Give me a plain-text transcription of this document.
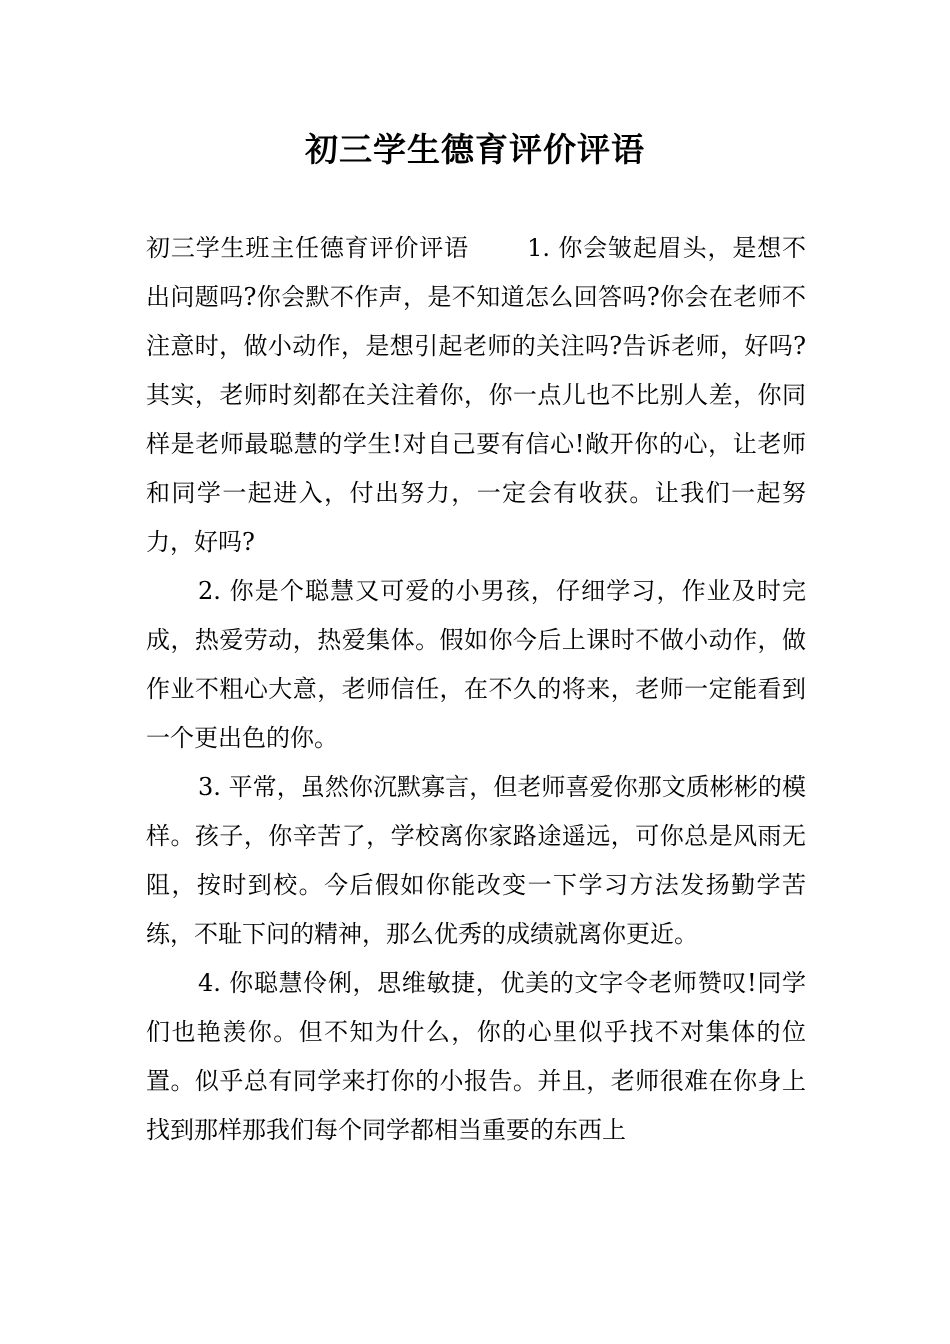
初三学生德育评价评语

初三学生班主任德育评价评语　　 1. 你会皱起眉头，是想不出问题吗?你会默不作声，是不知道怎么回答吗?你会在老师不注意时，做小动作，是想引起老师的关注吗?告诉老师，好吗?其实，老师时刻都在关注着你，你一点儿也不比别人差，你同样是老师最聪慧的学生!对自己要有信心!敞开你的心，让老师和同学一起进入，付出努力，一定会有收获。让我们一起努力，好吗?

2. 你是个聪慧又可爱的小男孩，仔细学习，作业及时完成，热爱劳动，热爱集体。假如你今后上课时不做小动作，做作业不粗心大意，老师信任，在不久的将来，老师一定能看到一个更出色的你。

3. 平常，虽然你沉默寡言，但老师喜爱你那文质彬彬的模样。孩子，你辛苦了，学校离你家路途遥远，可你总是风雨无阻，按时到校。今后假如你能改变一下学习方法发扬勤学苦练，不耻下问的精神，那么优秀的成绩就离你更近。

4. 你聪慧伶俐，思维敏捷，优美的文字令老师赞叹!同学们也艳羡你。但不知为什么，你的心里似乎找不对集体的位置。似乎总有同学来打你的小报告。并且，老师很难在你身上找到那样那我们每个同学都相当重要的东西上
